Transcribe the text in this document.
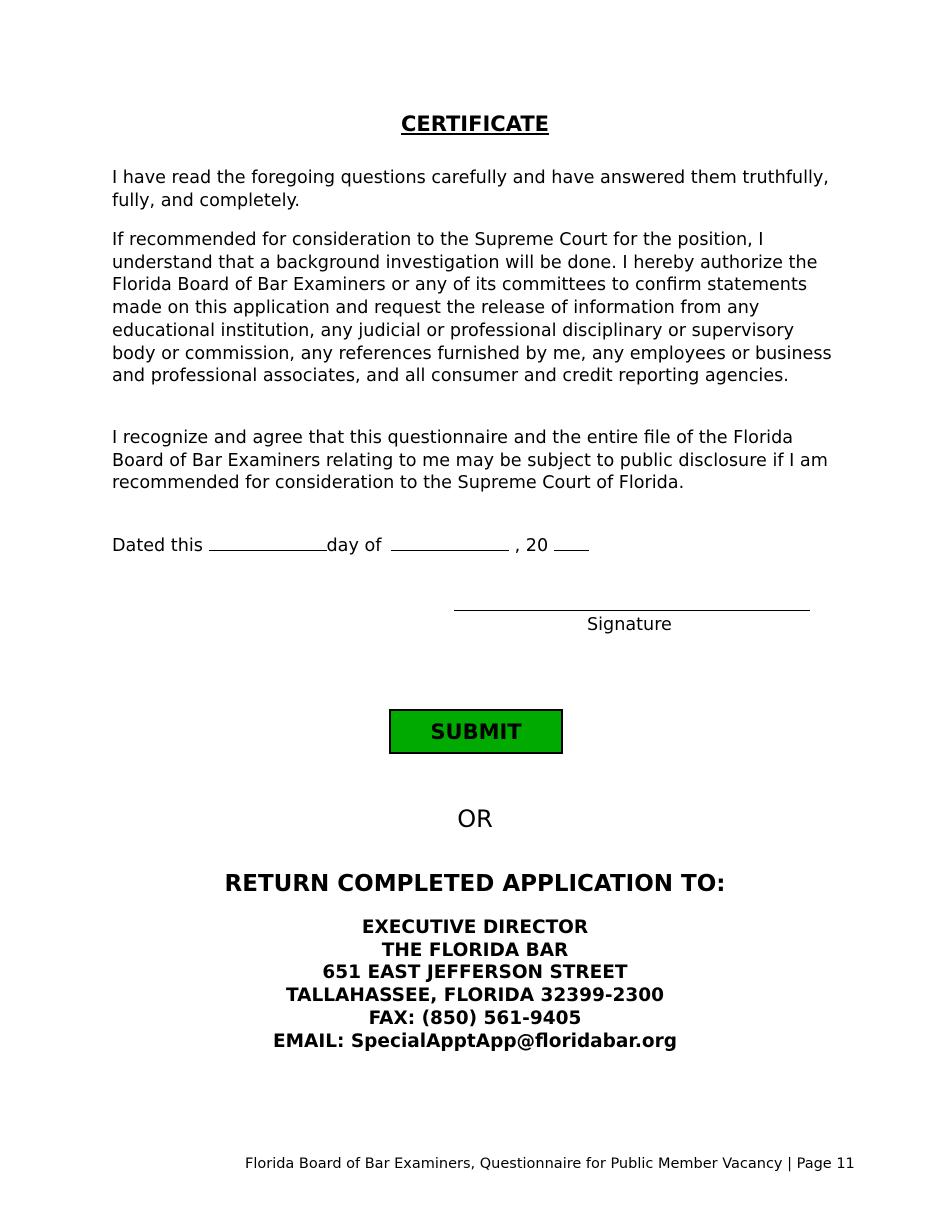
CERTIFICATE

I have read the foregoing questions carefully and have answered them truthfully, fully, and completely.

If recommended for consideration to the Supreme Court for the position, I understand that a background investigation will be done. I hereby authorize the Florida Board of Bar Examiners or any of its committees to confirm statements made on this application and request the release of information from any educational institution, any judicial or professional disciplinary or supervisory body or commission, any references furnished by me, any employees or business and professional associates, and all consumer and credit reporting agencies.

I recognize and agree that this questionnaire and the entire file of the Florida Board of Bar Examiners relating to me may be subject to public disclosure if I am recommended for consideration to the Supreme Court of Florida.

Dated this	day of	, 20
Signature
SUBMIT
OR
RETURN COMPLETED APPLICATION TO:
EXECUTIVE DIRECTOR
THE FLORIDA BAR
651 EAST JEFFERSON STREET
TALLAHASSEE, FLORIDA 32399-2300
FAX: (850) 561-9405
EMAIL: SpecialApptApp@floridabar.org
Florida Board of Bar Examiners, Questionnaire for Public Member Vacancy | Page 11
